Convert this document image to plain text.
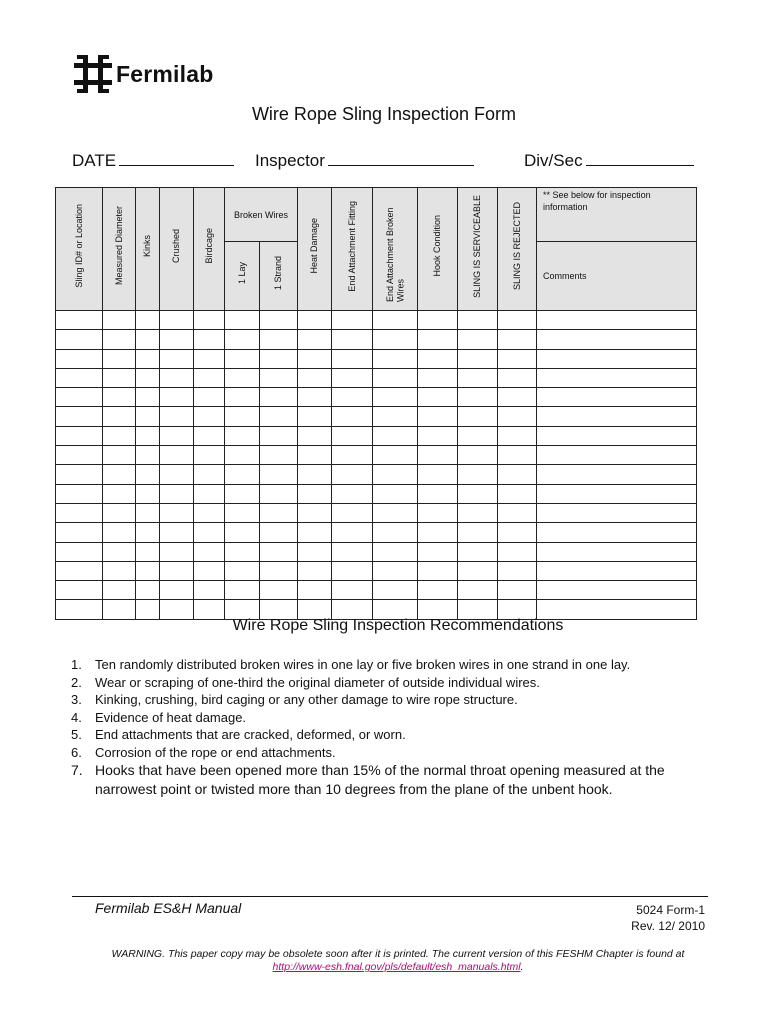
Fermilab
Wire Rope Sling Inspection Form
DATE	Inspector	Div/Sec
Sling ID# or Location	Measured Diameter	Kinks	Crushed	Birdcage	Broken Wires		Heat Damage	End Attachment Fitting	End Attachment Broken Wires	Hook Condition	SLING IS SERVICEABLE	SLING IS REJECTED	** See below for inspection information

					1 Lay	1 Strand							Comments

Wire Rope Sling Inspection Recommendations
1. Ten randomly distributed broken wires in one lay or five broken wires in one strand in one lay.
2. Wear or scraping of one-third the original diameter of outside individual wires.
3. Kinking, crushing, bird caging or any other damage to wire rope structure.
4. Evidence of heat damage.
5. End attachments that are cracked, deformed, or worn.
6. Corrosion of the rope or end attachments.
7. Hooks that have been opened more than 15% of the normal throat opening measured at the narrowest point or twisted more than 10 degrees from the plane of the unbent hook.
Fermilab ES&H Manual	5024 Form-1
Rev. 12/ 2010
WARNING. This paper copy may be obsolete soon after it is printed. The current version of this FESHM Chapter is found at
http://www-esh.fnal.gov/pls/default/esh_manuals.html.
